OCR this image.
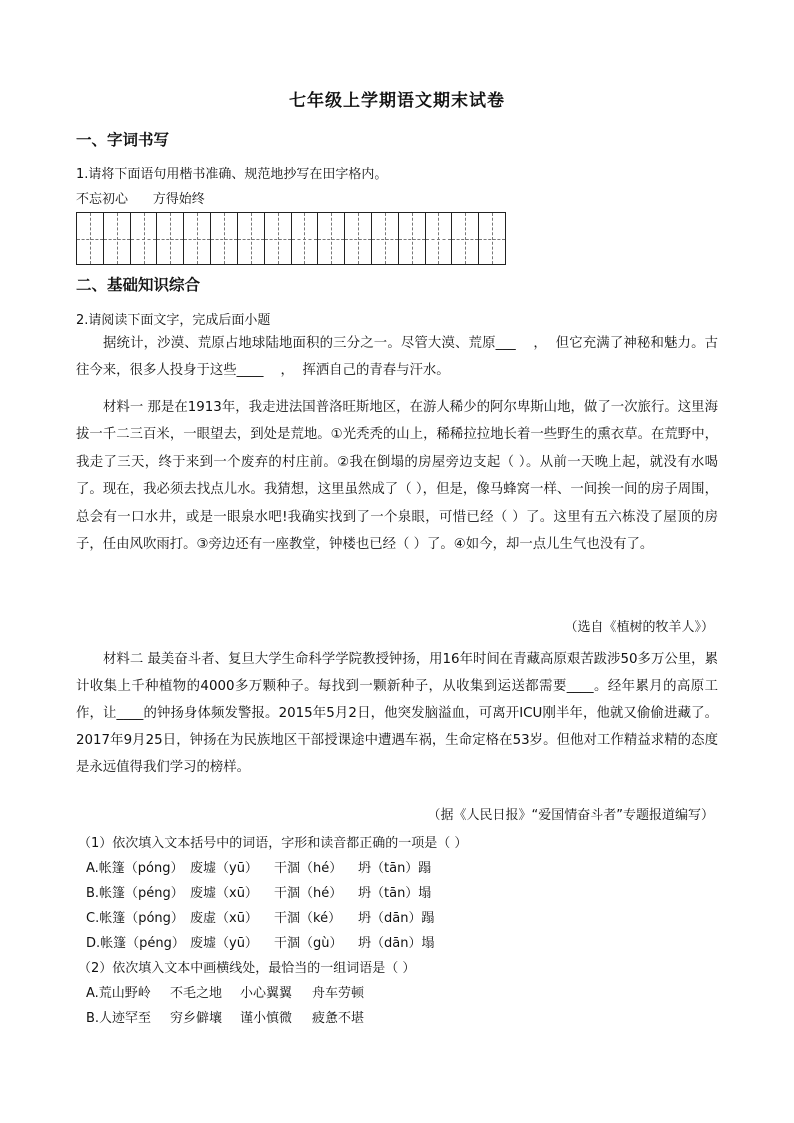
七年级上学期语文期末试卷
一、字词书写
1.请将下面语句用楷书准确、规范地抄写在田字格内。
不忘初心      方得始终
二、基础知识综合
2.请阅读下面文字，完成后面小题

据统计，沙漠、荒原占地球陆地面积的三分之一。尽管大漠、荒原___    ，  但它充满了神秘和魅力。古往今来，很多人投身于这些____    ，  挥洒自己的青春与汗水。

材料一 那是在1913年，我走进法国普洛旺斯地区，在游人稀少的阿尔卑斯山地，做了一次旅行。这里海拔一千二三百米，一眼望去，到处是荒地。①光秃秃的山上，稀稀拉拉地长着一些野生的熏衣草。在荒野中，我走了三天，终于来到一个废弃的村庄前。②我在倒塌的房屋旁边支起（ ）。从前一天晚上起，就没有水喝了。现在，我必须去找点儿水。我猜想，这里虽然成了（ ），但是，像马蜂窝一样、一间挨一间的房子周围，总会有一口水井，或是一眼泉水吧!我确实找到了一个泉眼，可惜已经（ ）了。这里有五六栋没了屋顶的房子，任由风吹雨打。③旁边还有一座教堂，钟楼也已经（ ）了。④如今，却一点儿生气也没有了。

（选自《植树的牧羊人》）

材料二 最美奋斗者、复旦大学生命科学学院教授钟扬，用16年时间在青藏高原艰苦跋涉50多万公里，累计收集上千种植物的4000多万颗种子。每找到一颗新种子，从收集到运送都需要____。经年累月的高原工作，让____的钟扬身体频发警报。2015年5月2日，他突发脑溢血，可离开ICU刚半年，他就又偷偷进藏了。2017年9月25日，钟扬在为民族地区干部授课途中遭遇车祸，生命定格在53岁。但他对工作精益求精的态度是永远值得我们学习的榜样。

（据《人民日报》“爱国情奋斗者”专题报道编写）
（1）依次填入文本括号中的词语，字形和读音都正确的一项是（ ）
A.帐篷（póng） 废墟（yū） 干涸（hé） 坍（tān）蹋
B.帐篷（péng） 废墟（xū） 干涸（hé） 坍（tān）塌
C.帐篷（póng） 废虚（xū） 干涸（ké） 坍（dān）蹋
D.帐篷（péng） 废墟（yū） 干涸（gù） 坍（dān）塌
（2）依次填入文本中画横线处，最恰当的一组词语是（ ）
A.荒山野岭 不毛之地 小心翼翼 舟车劳顿
B.人迹罕至 穷乡僻壤 谨小慎微 疲惫不堪
